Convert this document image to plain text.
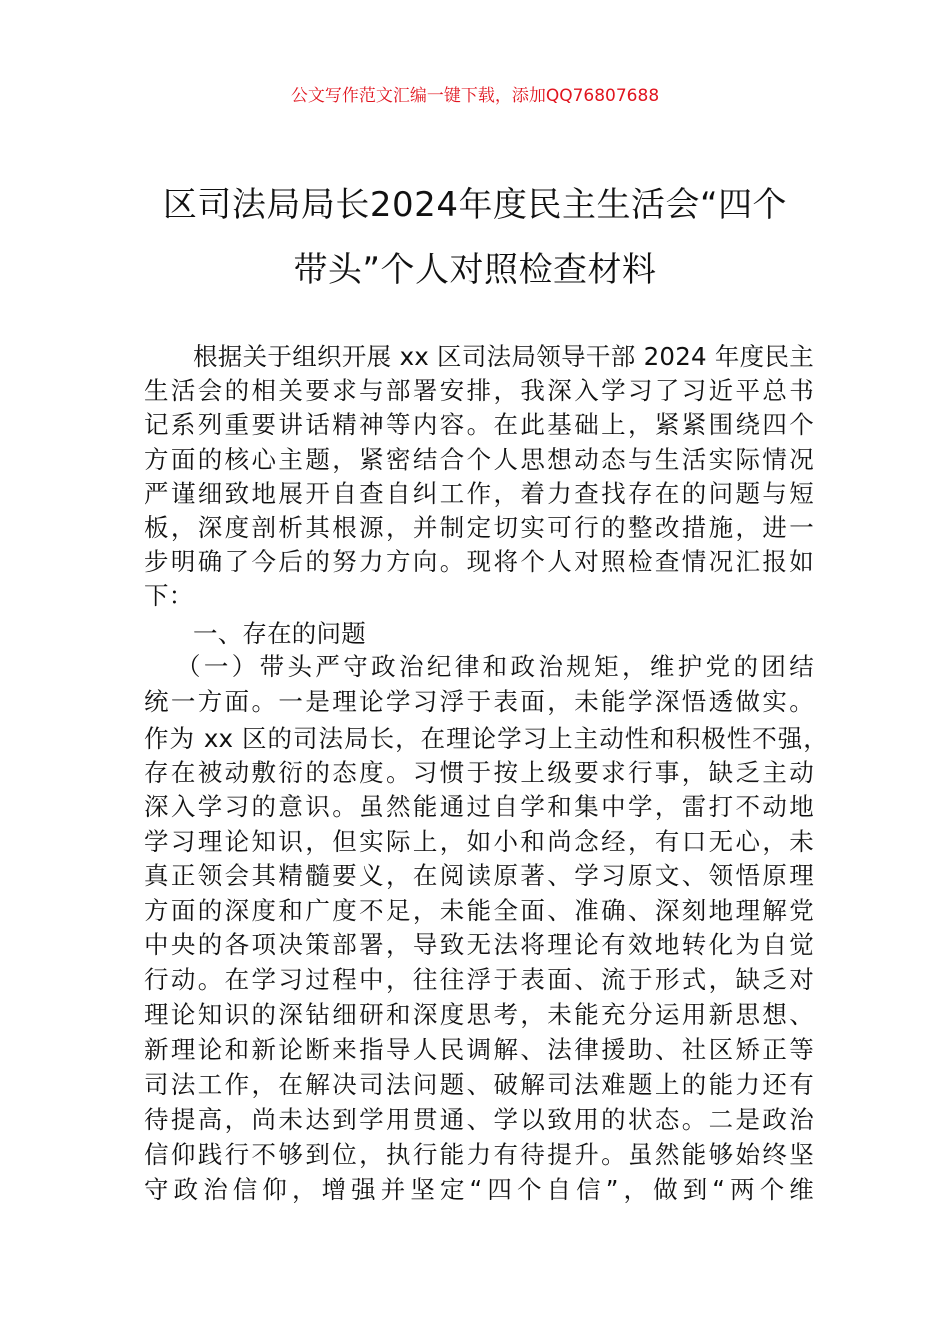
公文写作范文汇编一键下载，添加QQ76807688
区司法局局长2024年度民主生活会“四个
带头”个人对照检查材料
根据关于组织开展 xx 区司法局领导干部 2024 年度民主
生活会的相关要求与部署安排，我深入学习了习近平总书
记系列重要讲话精神等内容。在此基础上，紧紧围绕四个
方面的核心主题，紧密结合个人思想动态与生活实际情况
严谨细致地展开自查自纠工作，着力查找存在的问题与短
板，深度剖析其根源，并制定切实可行的整改措施，进一
步明确了今后的努力方向。现将个人对照检查情况汇报如
下：
一、存在的问题
（一）带头严守政治纪律和政治规矩，维护党的团结
统一方面。一是理论学习浮于表面，未能学深悟透做实。
作为 xx 区的司法局长，在理论学习上主动性和积极性不强，
存在被动敷衍的态度。习惯于按上级要求行事，缺乏主动
深入学习的意识。虽然能通过自学和集中学，雷打不动地
学习理论知识，但实际上，如小和尚念经，有口无心，未
真正领会其精髓要义，在阅读原著、学习原文、领悟原理
方面的深度和广度不足，未能全面、准确、深刻地理解党
中央的各项决策部署，导致无法将理论有效地转化为自觉
行动。在学习过程中，往往浮于表面、流于形式，缺乏对
理论知识的深钻细研和深度思考，未能充分运用新思想、
新理论和新论断来指导人民调解、法律援助、社区矫正等
司法工作，在解决司法问题、破解司法难题上的能力还有
待提高，尚未达到学用贯通、学以致用的状态。二是政治
信仰践行不够到位，执行能力有待提升。虽然能够始终坚
守政治信仰，增强并坚定“四个自信”，做到“两个维
